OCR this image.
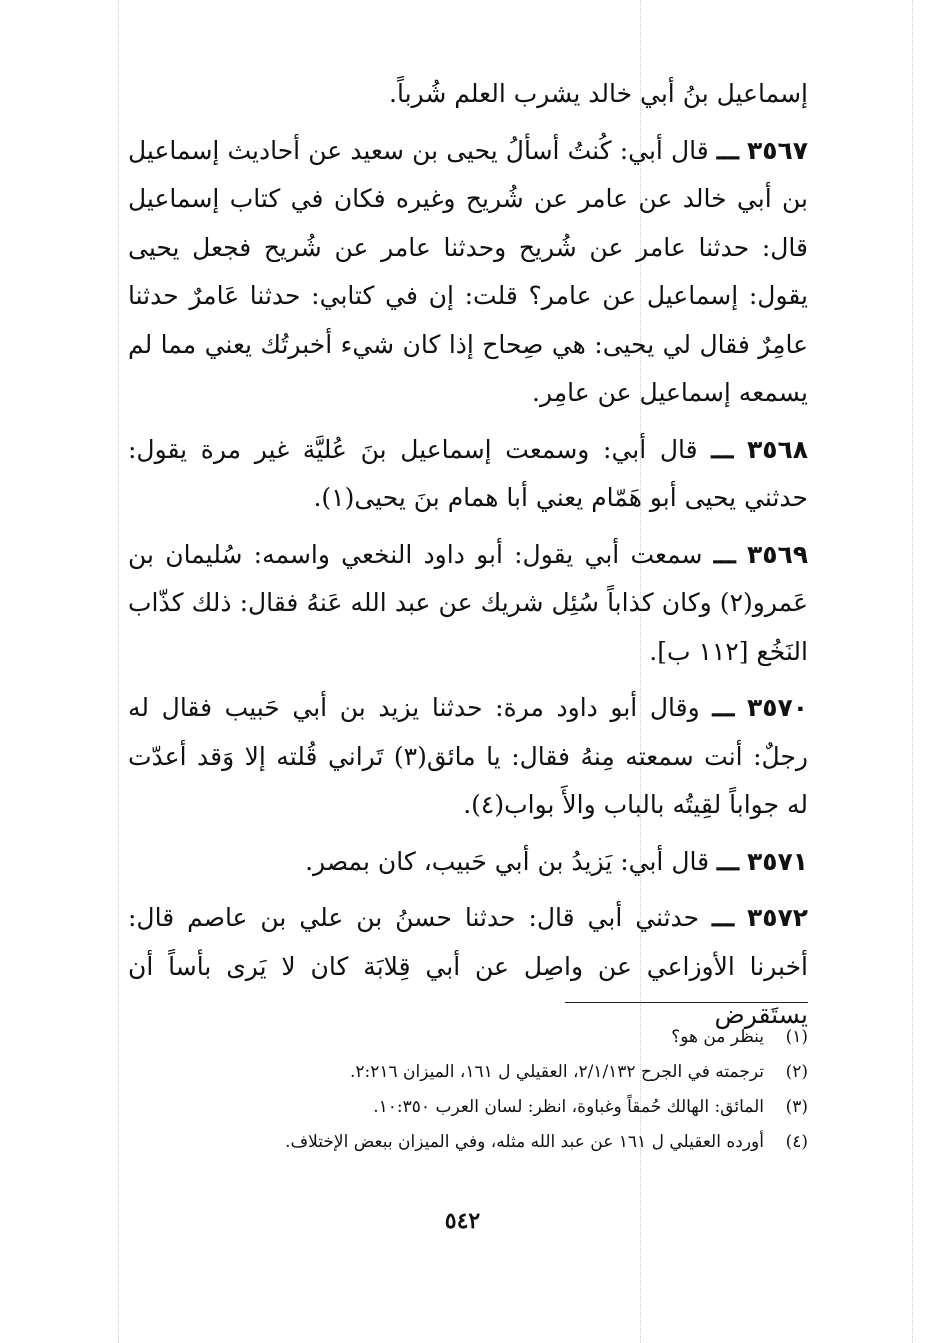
إسماعيل بنُ أبي خالد يشرب العلم شُرباً.

٣٥٦٧ ـــ قال أبي: كُنتُ أسألُ يحيى بن سعيد عن أحاديث إسماعيل بن أبي خالد عن عامر عن شُريح وغيره فكان في كتاب إسماعيل قال: حدثنا عامر عن شُريح وحدثنا عامر عن شُريح فجعل يحيى يقول: إسماعيل عن عامر؟ قلت: إن في كتابي: حدثنا عَامرٌ حدثنا عامِرٌ فقال لي يحيى: هي صِحاح إذا كان شيء أخبرتُك يعني مما لم يسمعه إسماعيل عن عامِر.

٣٥٦٨ ـــ قال أبي: وسمعت إسماعيل بنَ عُليَّة غير مرة يقول: حدثني يحيى أبو هَمّام يعني أبا همام بنَ يحيى(١).

٣٥٦٩ ـــ سمعت أبي يقول: أبو داود النخعي واسمه: سُليمان بن عَمرو(٢) وكان كذاباً سُئِل شريك عن عبد الله عَنهُ فقال: ذلك كذّاب النَخُع [١١٢ ب].

٣٥٧٠ ـــ وقال أبو داود مرة: حدثنا يزيد بن أبي حَبيب فقال له رجلٌ: أنت سمعته مِنهُ فقال: يا مائق(٣) تَراني قُلته إلا وَقد أعدّت له جواباً لقِيتُه بالباب والأَ بواب(٤).

٣٥٧١ ـــ قال أبي: يَزيدُ بن أبي حَبيب، كان بمصر.

٣٥٧٢ ـــ حدثني أبي قال: حدثنا حسنُ بن علي بن عاصم قال: أخبرنا الأوزاعي عن واصِل عن أبي قِلابَة كان لا يَرى بأساً أن يستَقرض

(١)
ينظر من هو؟
(٢)
ترجمته في الجرح ٢/١/١٣٢، العقيلي ل ١٦١، الميزان ٢:٢١٦.
(٣)
المائق: الهالك حُمقاً وغباوة، انظر: لسان العرب ١٠:٣٥٠.
(٤)
أورده العقيلي ل ١٦١ عن عبد الله مثله، وفي الميزان ببعض الإختلاف.
٥٤٢
